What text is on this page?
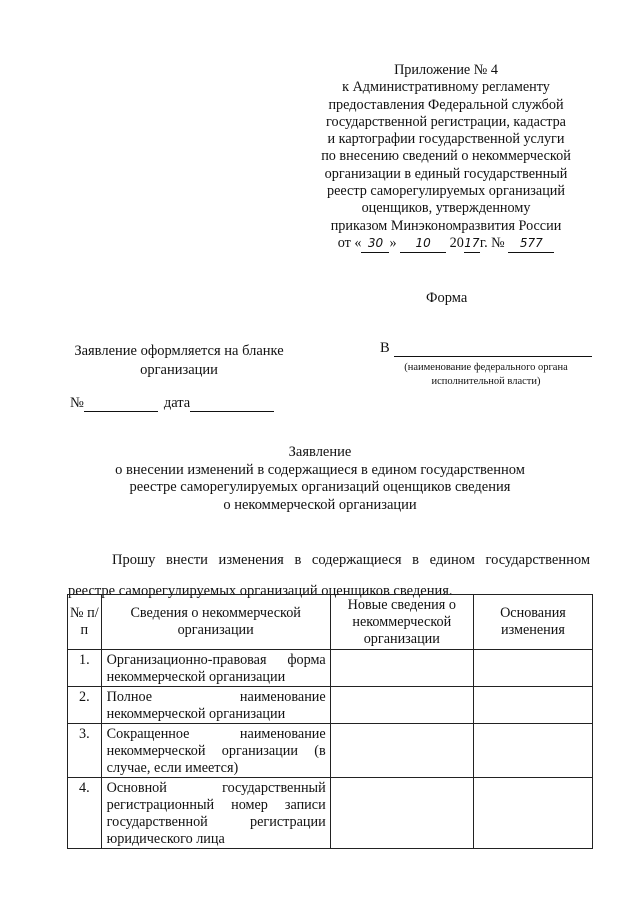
Приложение № 4
к Административному регламенту
предоставления Федеральной службой
государственной регистрации, кадастра
и картографии государственной услуги
по внесению сведений о некоммерческой
организации в единый государственный
реестр саморегулируемых организаций
оценщиков, утвержденному
приказом Минэкономразвития России
от « 30 » 10 2017г. № 577
Форма
Заявление оформляется на бланке организации
В
(наименование федерального органа исполнительной власти)
№	дата
Заявление
о внесении изменений в содержащиеся в едином государственном
реестре саморегулируемых организаций оценщиков сведения
о некоммерческой организации
Прошу внести изменения в содержащиеся в едином государственном реестре саморегулируемых организаций оценщиков сведения.
№ п/п	Сведения о некоммерческой организации	Новые сведения о некоммерческой организации	Основания изменения
1.	Организационно-правовая форма некоммерческой организации		
2.	Полное наименование некоммерческой организации		
3.	Сокращенное наименование некоммерческой организации (в случае, если имеется)		
4.	Основной государственный регистрационный номер записи государственной регистрации юридического лица		
